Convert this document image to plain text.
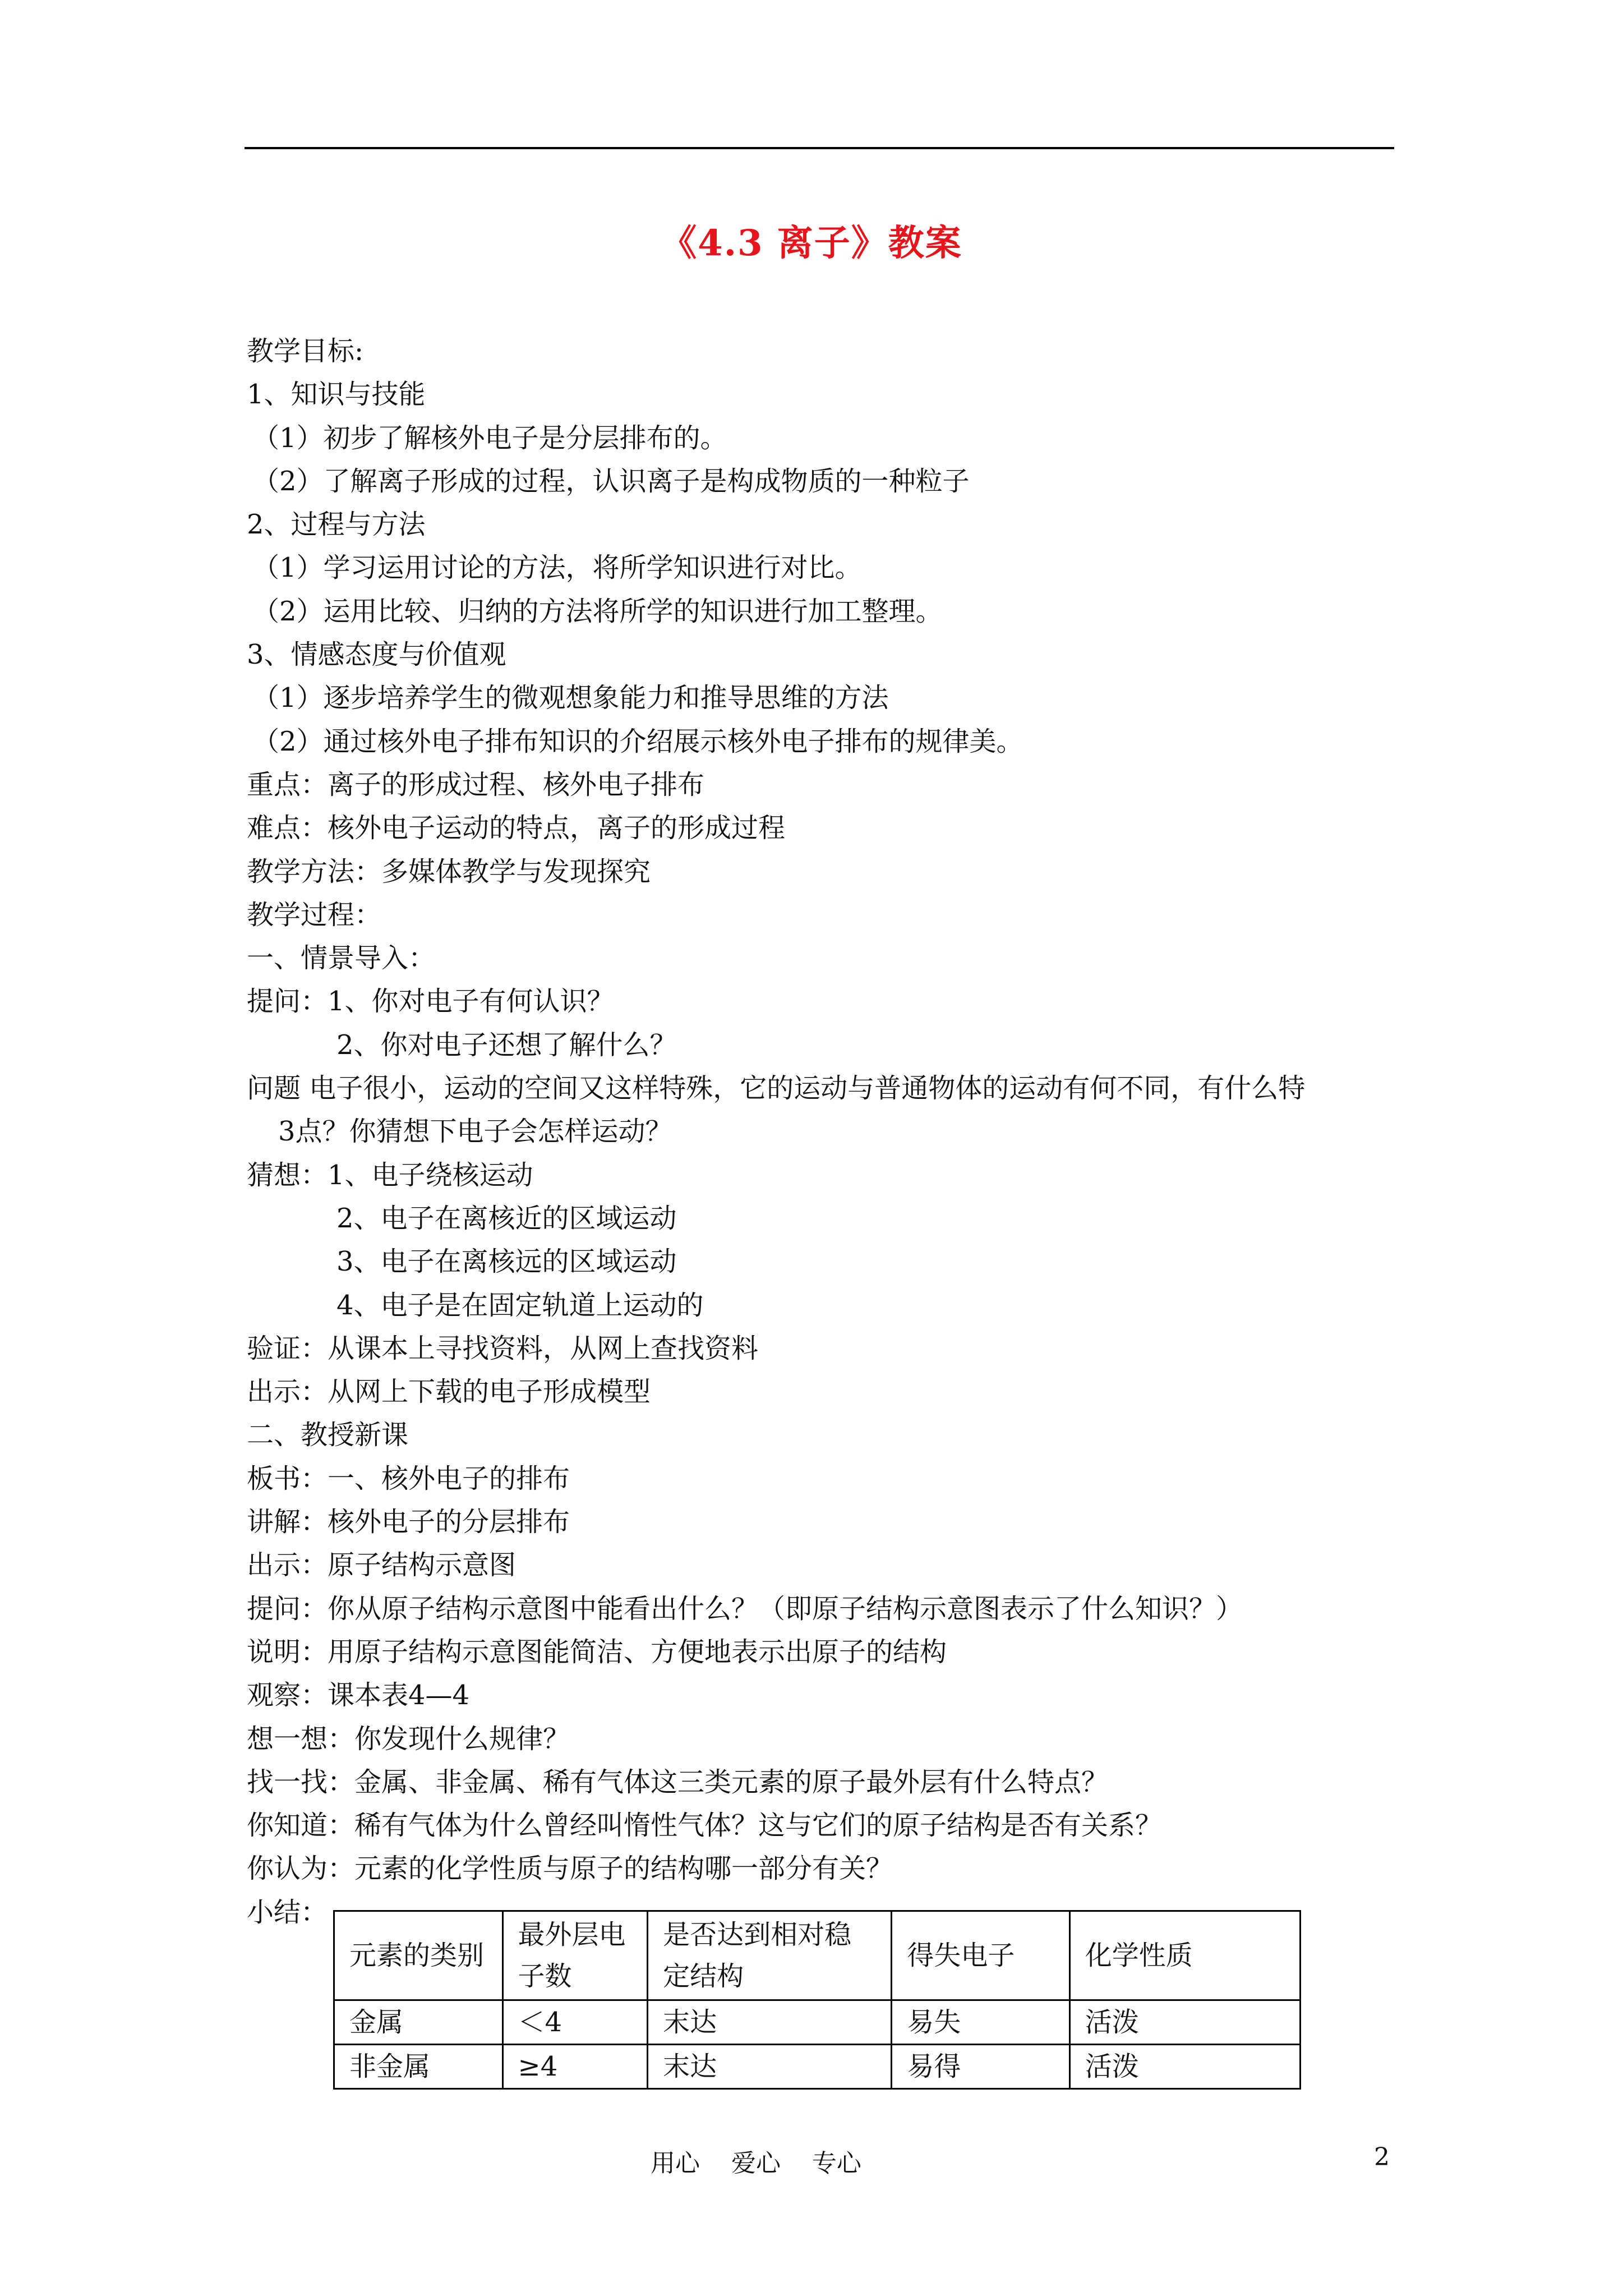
《4.3 离子》教案
教学目标:
1、知识与技能
（1）初步了解核外电子是分层排布的。
（2）了解离子形成的过程，认识离子是构成物质的一种粒子
2、过程与方法
（1）学习运用讨论的方法，将所学知识进行对比。
（2）运用比较、归纳的方法将所学的知识进行加工整理。
3、情感态度与价值观
（1）逐步培养学生的微观想象能力和推导思维的方法
（2）通过核外电子排布知识的介绍展示核外电子排布的规律美。
重点：离子的形成过程、核外电子排布
难点：核外电子运动的特点，离子的形成过程
教学方法：多媒体教学与发现探究
教学过程：
一、情景导入：
提问：1、你对电子有何认识？
2、你对电子还想了解什么？
问题 电子很小，运动的空间又这样特殊，它的运动与普通物体的运动有何不同，有什么特
3点？你猜想下电子会怎样运动？
猜想：1、电子绕核运动
2、电子在离核近的区域运动
3、电子在离核远的区域运动
4、电子是在固定轨道上运动的
验证：从课本上寻找资料，从网上查找资料
出示：从网上下载的电子形成模型
二、教授新课
板书：一、核外电子的排布
讲解：核外电子的分层排布
出示：原子结构示意图
提问：你从原子结构示意图中能看出什么？（即原子结构示意图表示了什么知识？）
说明：用原子结构示意图能简洁、方便地表示出原子的结构
观察：课本表4—4
想一想：你发现什么规律？
找一找：金属、非金属、稀有气体这三类元素的原子最外层有什么特点？
你知道：稀有气体为什么曾经叫惰性气体？这与它们的原子结构是否有关系？
你认为：元素的化学性质与原子的结构哪一部分有关？
小结：
元素的类别	最外层电子数	是否达到相对稳定结构	得失电子	化学性质
金属	＜4	末达	易失	活泼
非金属	≥4	末达	易得	活泼
用心    爱心    专心	2
